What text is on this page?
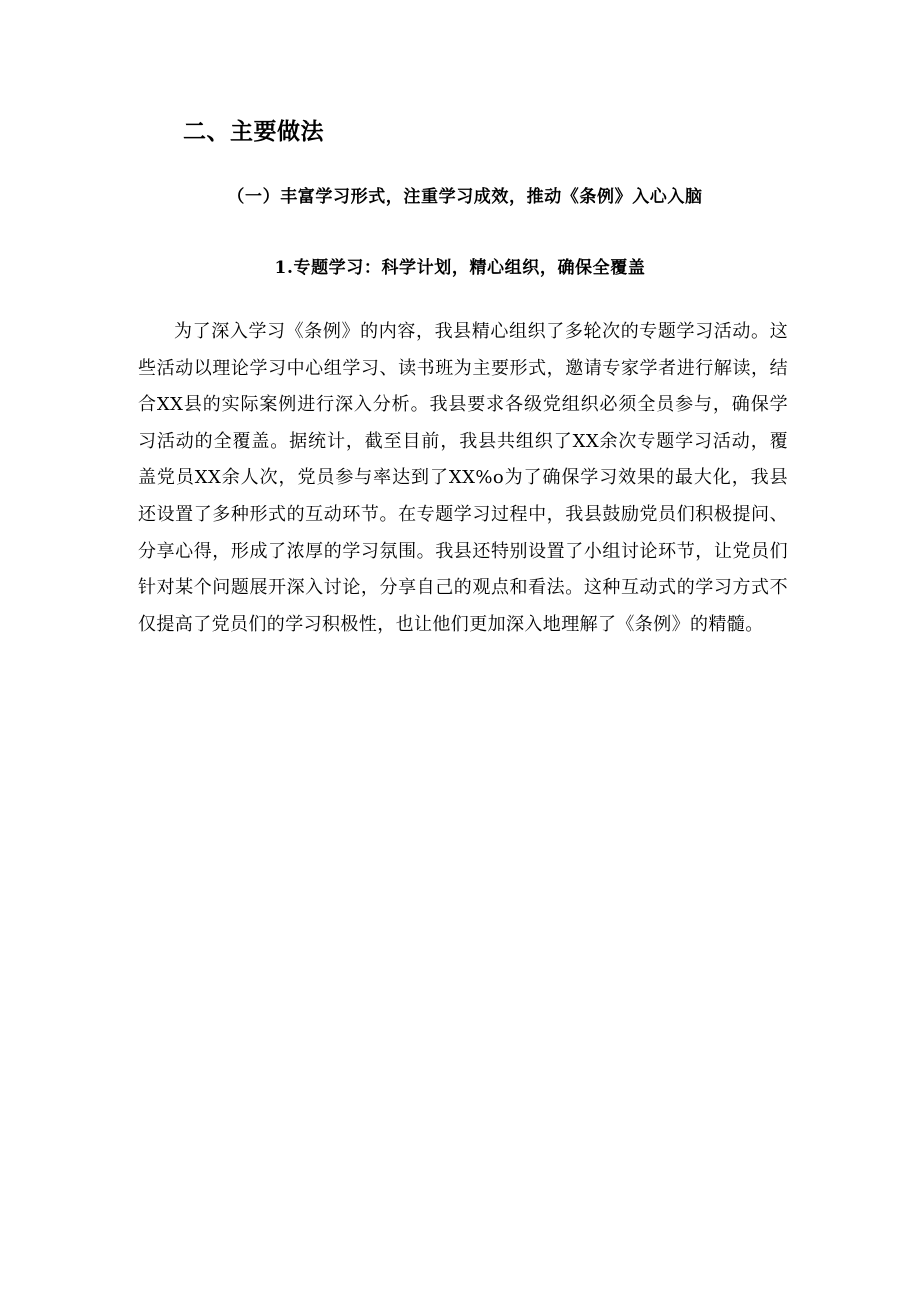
二、主要做法
（一）丰富学习形式，注重学习成效，推动《条例》入心入脑
1.专题学习：科学计划，精心组织，确保全覆盖

为了深入学习《条例》的内容，我县精心组织了多轮次的专题学习活动。这些活动以理论学习中心组学习、读书班为主要形式，邀请专家学者进行解读，结合XX县的实际案例进行深入分析。我县要求各级党组织必须全员参与，确保学习活动的全覆盖。据统计，截至目前，我县共组织了XX余次专题学习活动，覆盖党员XX余人次，党员参与率达到了XX%o为了确保学习效果的最大化，我县还设置了多种形式的互动环节。在专题学习过程中，我县鼓励党员们积极提问、分享心得，形成了浓厚的学习氛围。我县还特别设置了小组讨论环节，让党员们针对某个问题展开深入讨论，分享自己的观点和看法。这种互动式的学习方式不仅提高了党员们的学习积极性，也让他们更加深入地理解了《条例》的精髓。
